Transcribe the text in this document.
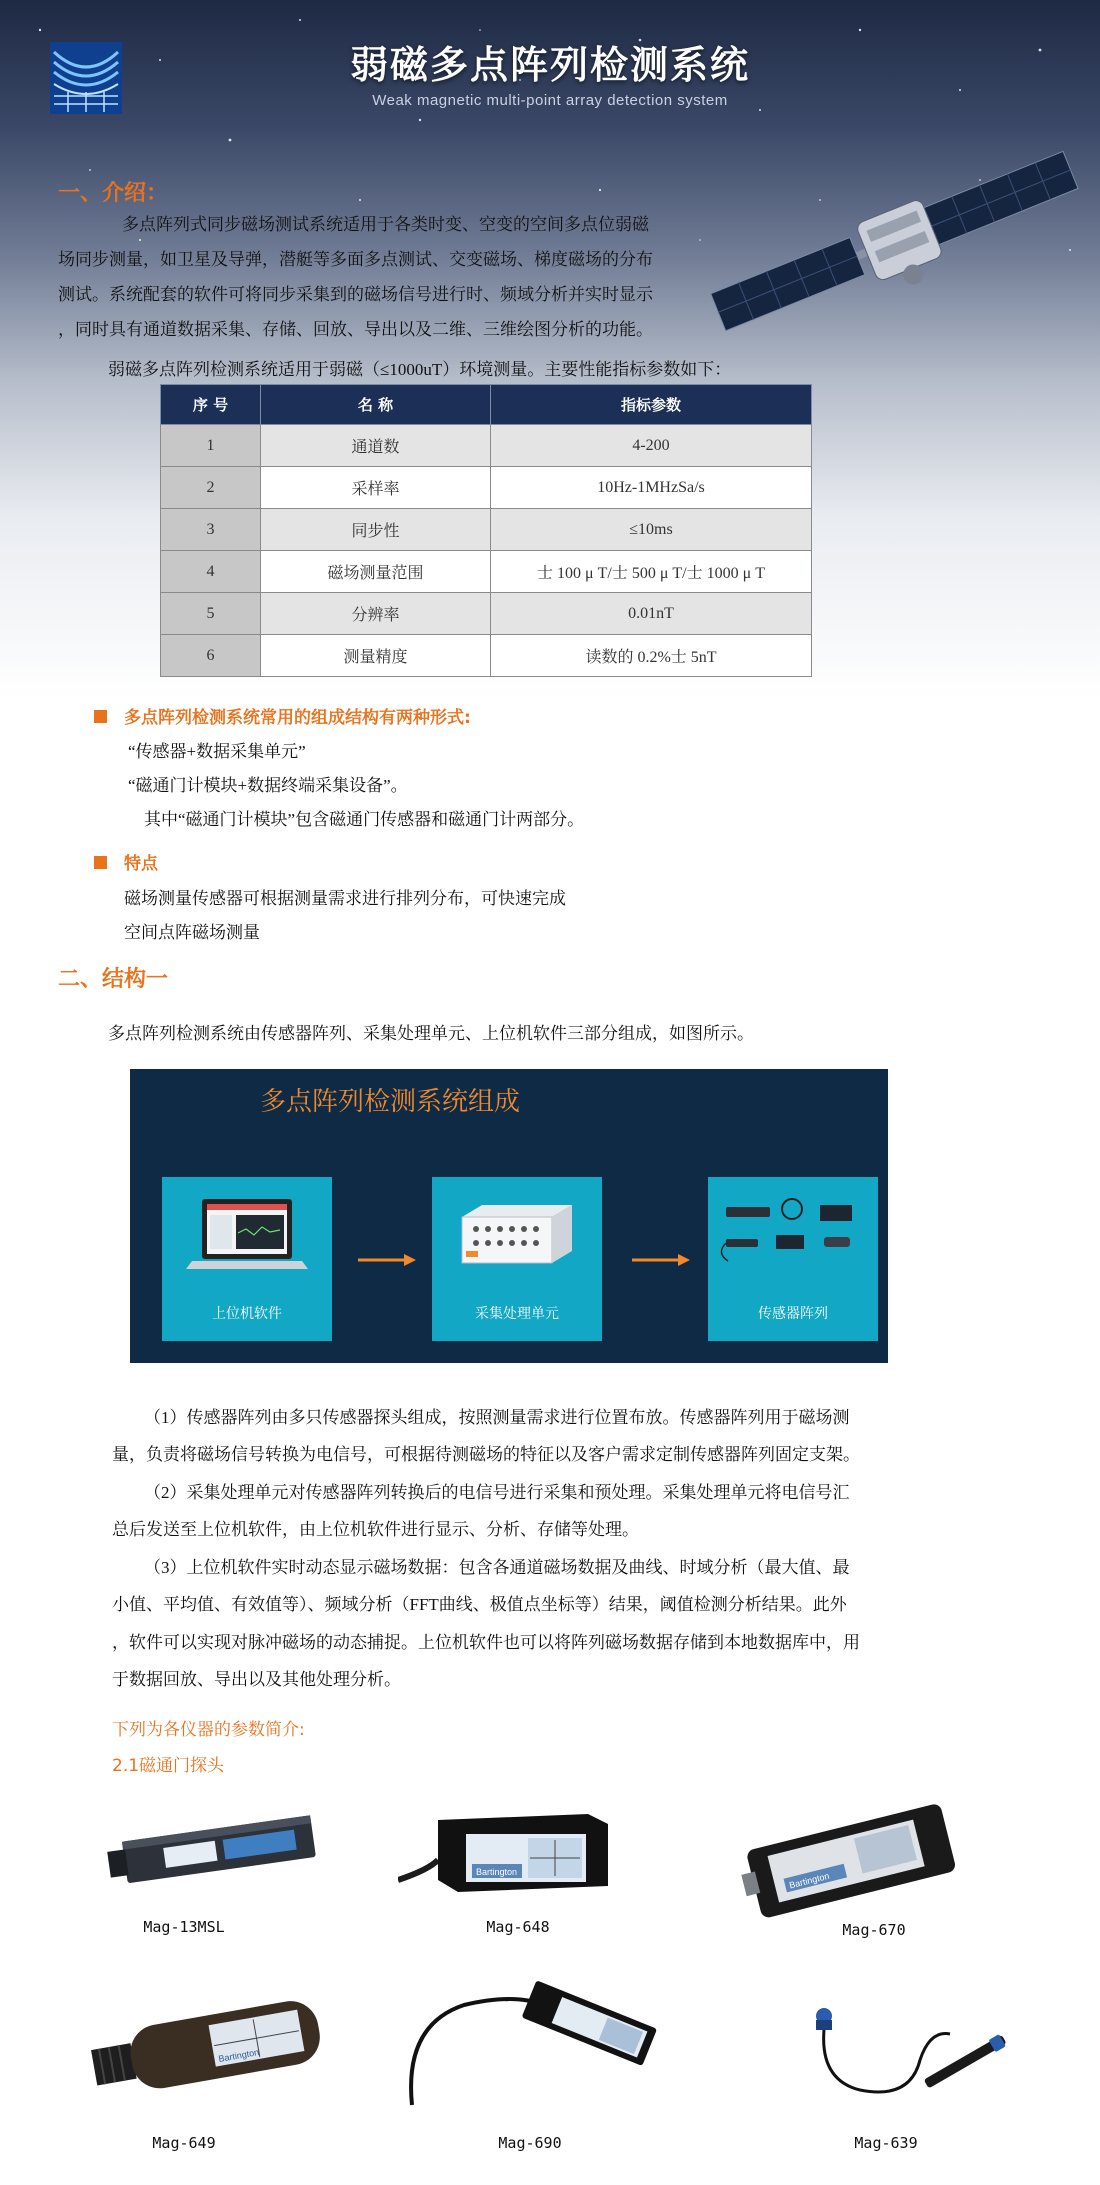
弱磁多点阵列检测系统
Weak magnetic multi-point array detection system
一、介绍：
多点阵列式同步磁场测试系统适用于各类时变、空变的空间多点位弱磁
场同步测量，如卫星及导弹，潜艇等多面多点测试、交变磁场、梯度磁场的分布
测试。系统配套的软件可将同步采集到的磁场信号进行时、频域分析并实时显示
，同时具有通道数据采集、存储、回放、导出以及二维、三维绘图分析的功能。
弱磁多点阵列检测系统适用于弱磁（≤1000uT）环境测量。主要性能指标参数如下：
序 号	名 称	指标参数
1	通道数	4-200
2	采样率	10Hz-1MHzSa/s
3	同步性	≤10ms
4	磁场测量范围	士 100 μ T/士 500 μ T/士 1000 μ T
5	分辨率	0.01nT
6	测量精度	读数的 0.2%士 5nT
多点阵列检测系统常用的组成结构有两种形式:
“传感器+数据采集单元”
“磁通门计模块+数据终端采集设备”。
其中“磁通门计模块”包含磁通门传感器和磁通门计两部分。
特点
磁场测量传感器可根据测量需求进行排列分布，可快速完成
空间点阵磁场测量
二、结构一
多点阵列检测系统由传感器阵列、采集处理单元、上位机软件三部分组成，如图所示。
多点阵列检测系统组成
上位机软件	采集处理单元	传感器阵列
（1）传感器阵列由多只传感器探头组成，按照测量需求进行位置布放。传感器阵列用于磁场测
量，负责将磁场信号转换为电信号，可根据待测磁场的特征以及客户需求定制传感器阵列固定支架。
（2）采集处理单元对传感器阵列转换后的电信号进行采集和预处理。采集处理单元将电信号汇
总后发送至上位机软件，由上位机软件进行显示、分析、存储等处理。
（3）上位机软件实时动态显示磁场数据：包含各通道磁场数据及曲线、时域分析（最大值、最
小值、平均值、有效值等）、频域分析（FFT曲线、极值点坐标等）结果，阈值检测分析结果。此外
，软件可以实现对脉冲磁场的动态捕捉。上位机软件也可以将阵列磁场数据存储到本地数据库中，用
于数据回放、导出以及其他处理分析。
下列为各仪器的参数简介:
2.1磁通门探头
Mag-13MSL
Bartington
Mag-648
Bartington
Mag-670
Bartington
Mag-649	Mag-690	Mag-639
